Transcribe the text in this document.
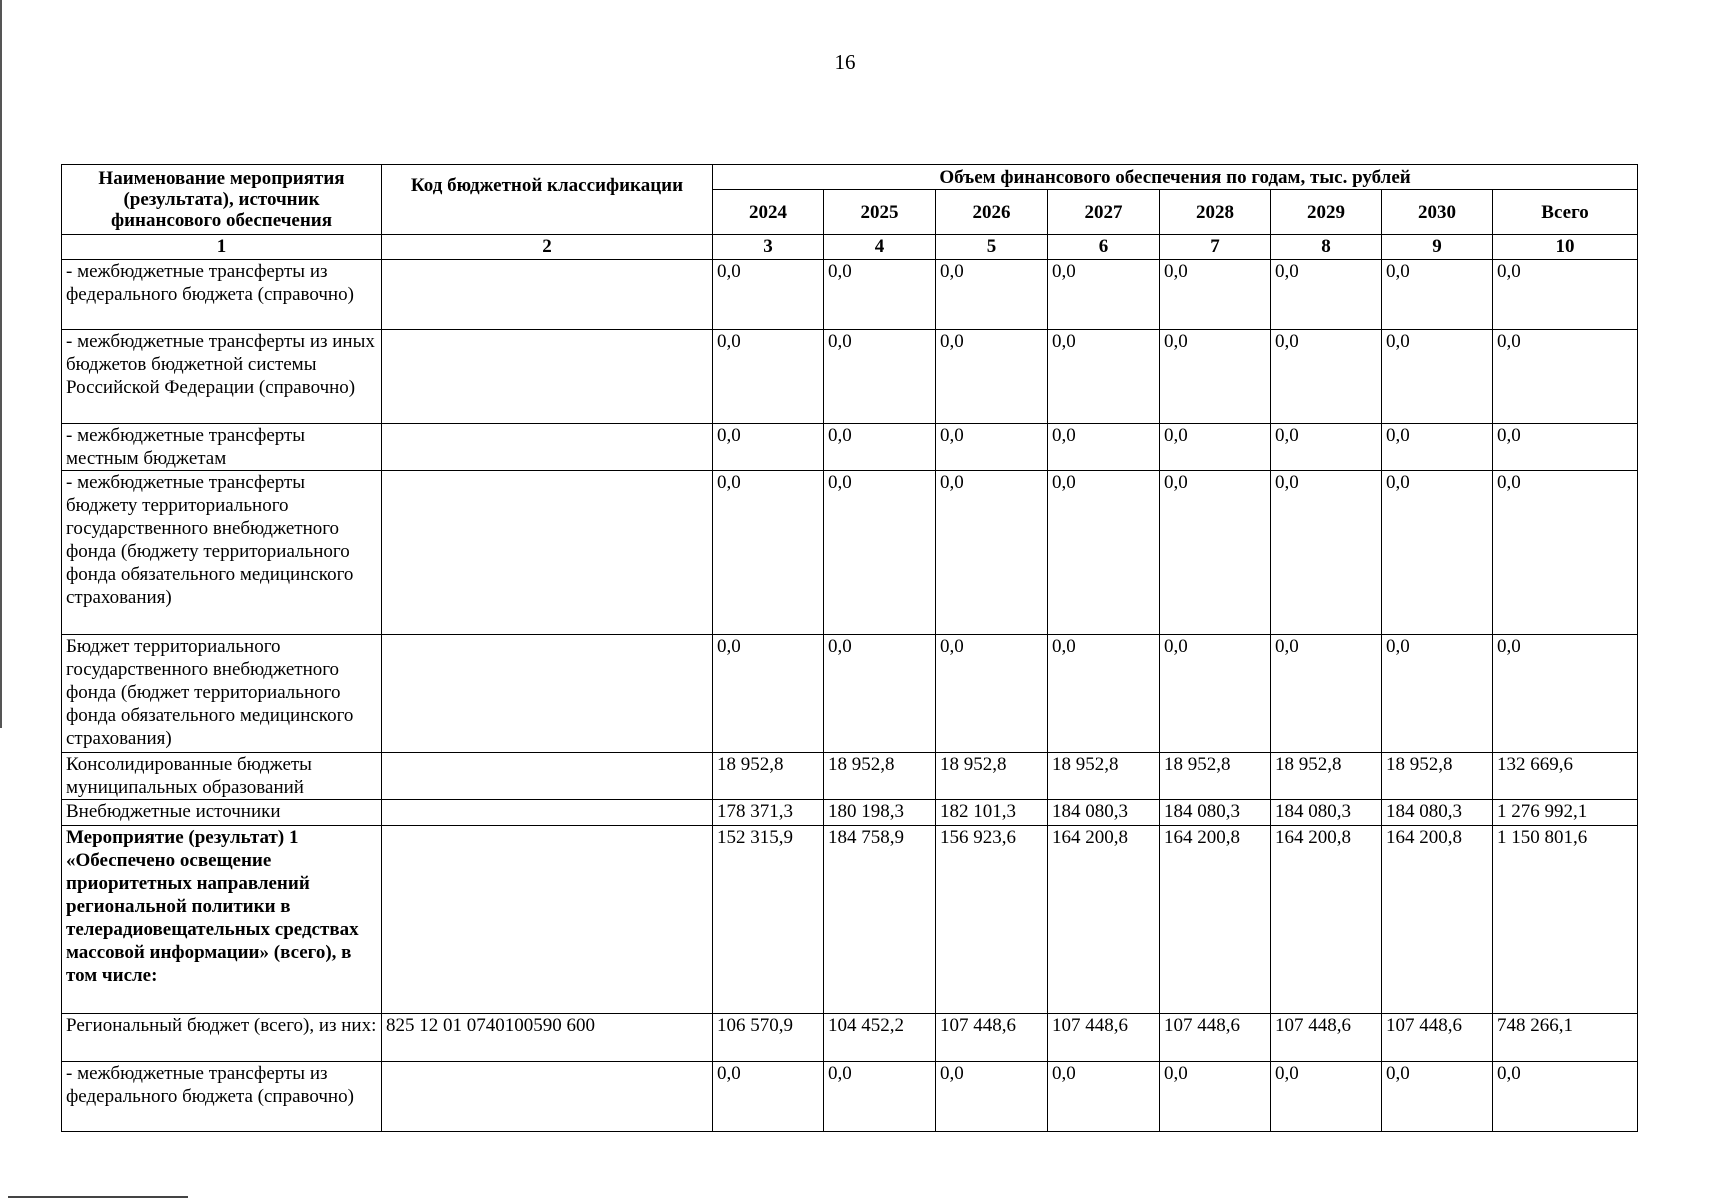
16
Наименование мероприятия (результата), источник финансового обеспечения	Код бюджетной классификации	Объем финансового обеспечения по годам, тыс. рублей							
		2024	2025	2026	2027	2028	2029	2030	Всего
1	2	3	4	5	6	7	8	9	10
- межбюджетные трансферты из федерального бюджета (справочно)		0,0	0,0	0,0	0,0	0,0	0,0	0,0	0,0
- межбюджетные трансферты из иных бюджетов бюджетной системы Российской Федерации (справочно)		0,0	0,0	0,0	0,0	0,0	0,0	0,0	0,0
- межбюджетные трансферты местным бюджетам		0,0	0,0	0,0	0,0	0,0	0,0	0,0	0,0
- межбюджетные трансферты бюджету территориального государственного внебюджетного фонда (бюджету территориального фонда обязательного медицинского страхования)		0,0	0,0	0,0	0,0	0,0	0,0	0,0	0,0
Бюджет территориального государственного внебюджетного фонда (бюджет территориального фонда обязательного медицинского страхования)		0,0	0,0	0,0	0,0	0,0	0,0	0,0	0,0
Консолидированные бюджеты муниципальных образований		18 952,8	18 952,8	18 952,8	18 952,8	18 952,8	18 952,8	18 952,8	132 669,6
Внебюджетные источники		178 371,3	180 198,3	182 101,3	184 080,3	184 080,3	184 080,3	184 080,3	1 276 992,1
Мероприятие (результат) 1 «Обеспечено освещение приоритетных направлений региональной политики в телерадиовещательных средствах массовой информации» (всего), в том числе:		152 315,9	184 758,9	156 923,6	164 200,8	164 200,8	164 200,8	164 200,8	1 150 801,6
Региональный бюджет (всего), из них:	825 12 01 0740100590 600	106 570,9	104 452,2	107 448,6	107 448,6	107 448,6	107 448,6	107 448,6	748 266,1
- межбюджетные трансферты из федерального бюджета (справочно)		0,0	0,0	0,0	0,0	0,0	0,0	0,0	0,0
